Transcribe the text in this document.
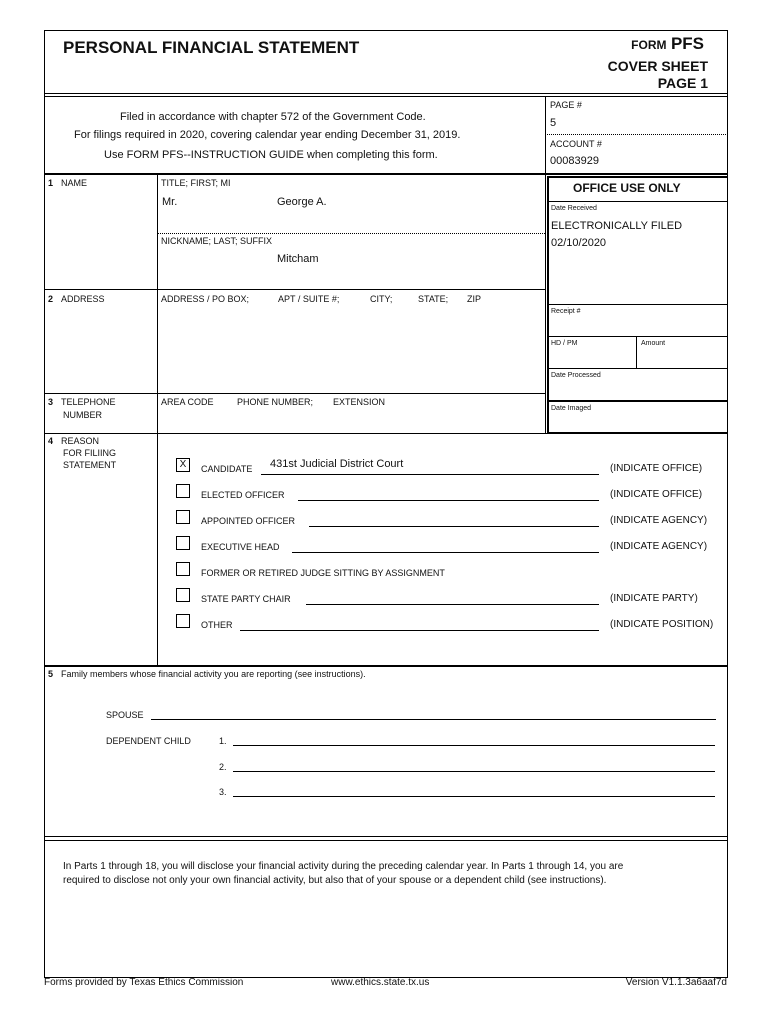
PERSONAL FINANCIAL STATEMENT	FORM PFS
COVER SHEET
PAGE 1
Filed in accordance with chapter 572 of the Government Code.
For filings required in 2020, covering calendar year ending December 31, 2019.
Use FORM PFS--INSTRUCTION GUIDE when completing this form.
PAGE #
5
ACCOUNT #
00083929
1 NAME	TITLE; FIRST; MI
Mr.	George A.
NICKNAME; LAST; SUFFIX
Mitcham
2 ADDRESS	ADDRESS / PO BOX;	APT / SUITE #;	CITY;	STATE; ZIP
3 TELEPHONE
NUMBER
AREA CODE	PHONE NUMBER; EXTENSION
OFFICE USE ONLY
Date Received
ELECTRONICALLY FILED
02/10/2020
Receipt #
HD / PM	Amount
Date Processed
Date Imaged
4 REASON
FOR FILIING
STATEMENT	X	CANDIDATE 431st Judicial District Court	(INDICATE OFFICE)
ELECTED OFFICER	(INDICATE OFFICE)
APPOINTED OFFICER	(INDICATE AGENCY)
EXECUTIVE HEAD	(INDICATE AGENCY)
FORMER OR RETIRED JUDGE SITTING BY ASSIGNMENT
STATE PARTY CHAIR	(INDICATE PARTY)
OTHER	(INDICATE POSITION)
5 Family members whose financial activity you are reporting (see instructions).
SPOUSE
DEPENDENT CHILD	1.
2.
3.
In Parts 1 through 18, you will disclose your financial activity during the preceding calendar year. In Parts 1 through 14, you are
required to disclose not only your own financial activity, but also that of your spouse or a dependent child (see instructions).
Forms provided by Texas Ethics Commission	www.ethics.state.tx.us	Version V1.1.3a6aaf7d
